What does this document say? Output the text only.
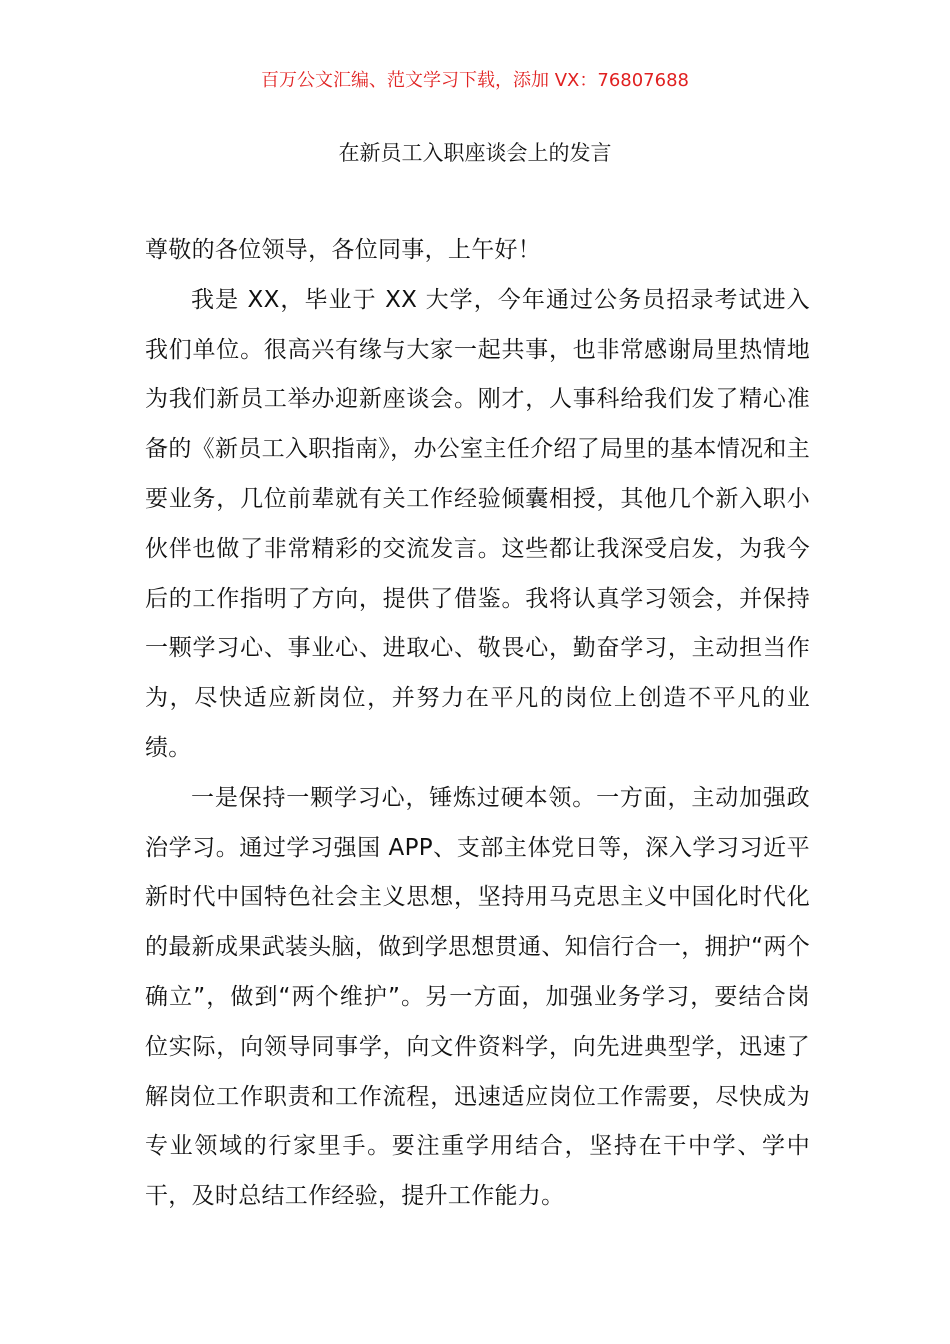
百万公文汇编、范文学习下载，添加 VX：76807688
在新员工入职座谈会上的发言

尊敬的各位领导，各位同事，上午好！

我是 XX，毕业于 XX 大学，今年通过公务员招录考试进入我们单位。很高兴有缘与大家一起共事，也非常感谢局里热情地为我们新员工举办迎新座谈会。刚才，人事科给我们发了精心准备的《新员工入职指南》，办公室主任介绍了局里的基本情况和主要业务，几位前辈就有关工作经验倾囊相授，其他几个新入职小伙伴也做了非常精彩的交流发言。这些都让我深受启发，为我今后的工作指明了方向，提供了借鉴。我将认真学习领会，并保持一颗学习心、事业心、进取心、敬畏心，勤奋学习，主动担当作为，尽快适应新岗位，并努力在平凡的岗位上创造不平凡的业绩。

一是保持一颗学习心，锤炼过硬本领。一方面，主动加强政治学习。通过学习强国 APP、支部主体党日等，深入学习习近平新时代中国特色社会主义思想，坚持用马克思主义中国化时代化的最新成果武装头脑，做到学思想贯通、知信行合一，拥护“两个确立”，做到“两个维护”。另一方面，加强业务学习，要结合岗位实际，向领导同事学，向文件资料学，向先进典型学，迅速了解岗位工作职责和工作流程，迅速适应岗位工作需要，尽快成为专业领域的行家里手。要注重学用结合，坚持在干中学、学中干，及时总结工作经验，提升工作能力。
